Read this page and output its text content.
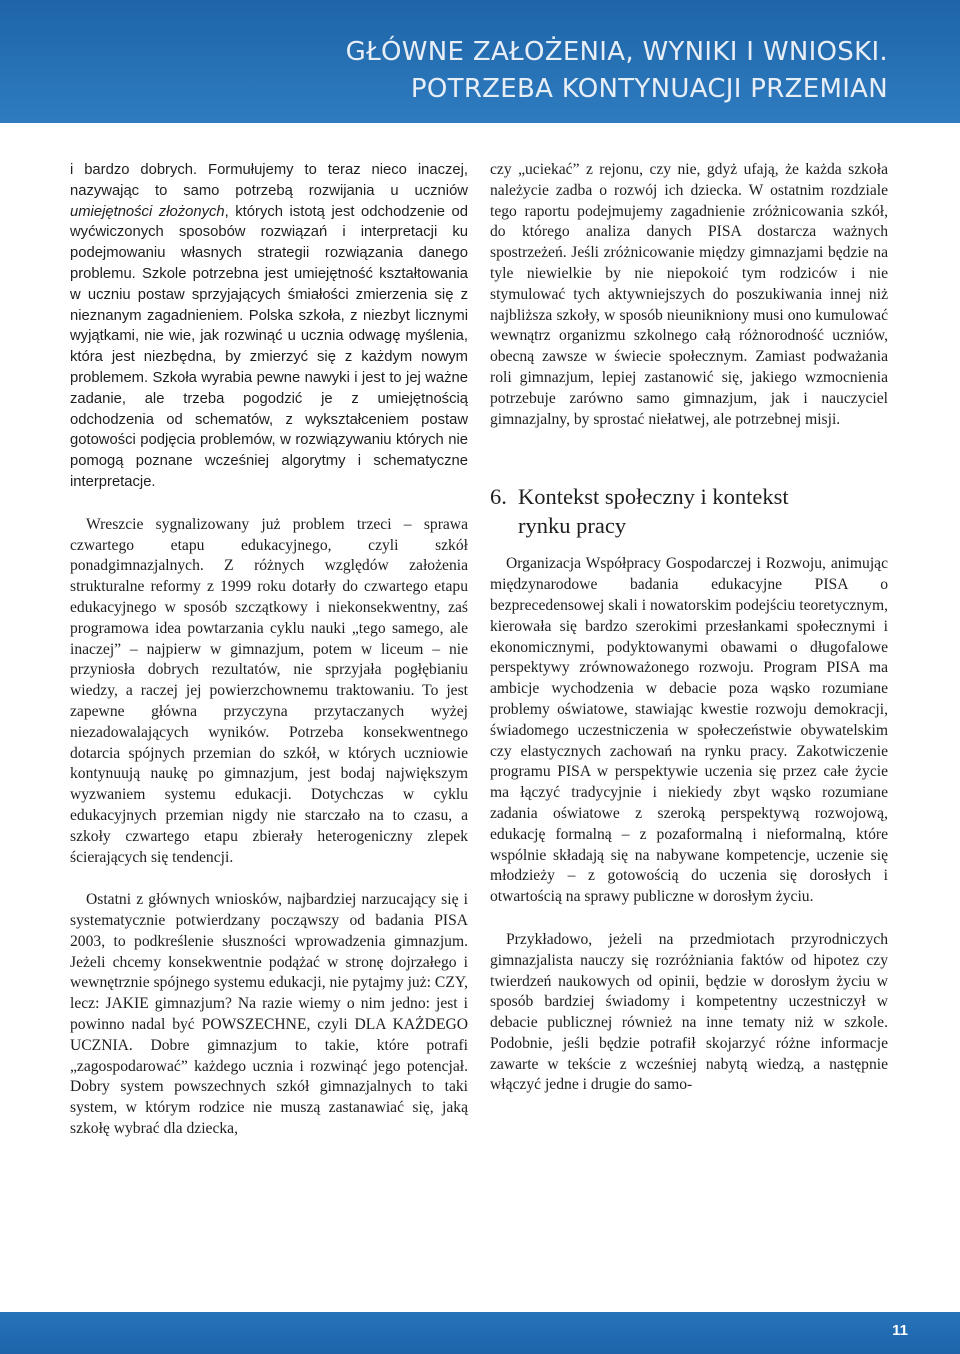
GŁÓWNE ZAŁOŻENIA, WYNIKI I WNIOSKI.
POTRZEBA KONTYNUACJI PRZEMIAN

i bardzo dobrych. Formułujemy to teraz nieco inaczej, nazywając to samo potrzebą rozwijania u uczniów umiejętności złożonych, których istotą jest odchodzenie od wyćwiczonych sposobów rozwiązań i interpretacji ku podejmowaniu własnych strategii rozwiązania danego problemu. Szkole potrzebna jest umiejętność kształtowania w uczniu postaw sprzyjających śmiałości zmierzenia się z nieznanym zagadnieniem. Polska szkoła, z niezbyt licznymi wyjątkami, nie wie, jak rozwinąć u ucznia odwagę myślenia, która jest niezbędna, by zmierzyć się z każdym nowym problemem. Szkoła wyrabia pewne nawyki i jest to jej ważne zadanie, ale trzeba pogodzić je z umiejętnością odchodzenia od schematów, z wykształceniem postaw gotowości podjęcia problemów, w rozwiązywaniu których nie pomogą poznane wcześniej algorytmy i schematyczne interpretacje.

Wreszcie sygnalizowany już problem trzeci – sprawa czwartego etapu edukacyjnego, czyli szkół ponadgimnazjalnych. Z różnych względów założenia strukturalne reformy z 1999 roku dotarły do czwartego etapu edukacyjnego w sposób szczątkowy i niekonsekwentny, zaś programowa idea powtarzania cyklu nauki „tego samego, ale inaczej” – najpierw w gimnazjum, potem w liceum – nie przyniosła dobrych rezultatów, nie sprzyjała pogłębianiu wiedzy, a raczej jej powierzchownemu traktowaniu. To jest zapewne główna przyczyna przytaczanych wyżej niezadowalających wyników. Potrzeba konsekwentnego dotarcia spójnych przemian do szkół, w których uczniowie kontynuują naukę po gimnazjum, jest bodaj największym wyzwaniem systemu edukacji. Dotychczas w cyklu edukacyjnych przemian nigdy nie starczało na to czasu, a szkoły czwartego etapu zbierały heterogeniczny zlepek ścierających się tendencji.

Ostatni z głównych wniosków, najbardziej narzucający się i systematycznie potwierdzany począwszy od badania PISA 2003, to podkreślenie słuszności wprowadzenia gimnazjum. Jeżeli chcemy konsekwentnie podążać w stronę dojrzałego i wewnętrznie spójnego systemu edukacji, nie pytajmy już: CZY, lecz: JAKIE gimnazjum? Na razie wiemy o nim jedno: jest i powinno nadal być POWSZECHNE, czyli DLA KAŻDEGO UCZNIA. Dobre gimnazjum to takie, które potrafi „zagospodarować” każdego ucznia i rozwinąć jego potencjał. Dobry system powszechnych szkół gimnazjalnych to taki system, w którym rodzice nie muszą zastanawiać się, jaką szkołę wybrać dla dziecka,

czy „uciekać” z rejonu, czy nie, gdyż ufają, że każda szkoła należycie zadba o rozwój ich dziecka. W ostatnim rozdziale tego raportu podejmujemy zagadnienie zróżnicowania szkół, do którego analiza danych PISA dostarcza ważnych spostrzeżeń. Jeśli zróżnicowanie między gimnazjami będzie na tyle niewielkie by nie niepokoić tym rodziców i nie stymulować tych aktywniejszych do poszukiwania innej niż najbliższa szkoły, w sposób nieunikniony musi ono kumulować wewnątrz organizmu szkolnego całą różnorodność uczniów, obecną zawsze w świecie społecznym. Zamiast podważania roli gimnazjum, lepiej zastanowić się, jakiego wzmocnienia potrzebuje zarówno samo gimnazjum, jak i nauczyciel gimnazjalny, by sprostać niełatwej, ale potrzebnej misji.

6. Kontekst społeczny i kontekst
rynku pracy

Organizacja Współpracy Gospodarczej i Rozwoju, animując międzynarodowe badania edukacyjne PISA o bezprecedensowej skali i nowatorskim podejściu teoretycznym, kierowała się bardzo szerokimi przesłankami społecznymi i ekonomicznymi, podyktowanymi obawami o długofalowe perspektywy zrównoważonego rozwoju. Program PISA ma ambicje wychodzenia w debacie poza wąsko rozumiane problemy oświatowe, stawiając kwestie rozwoju demokracji, świadomego uczestniczenia w społeczeństwie obywatelskim czy elastycznych zachowań na rynku pracy. Zakotwiczenie programu PISA w perspektywie uczenia się przez całe życie ma łączyć tradycyjnie i niekiedy zbyt wąsko rozumiane zadania oświatowe z szeroką perspektywą rozwojową, edukację formalną – z pozaformalną i nieformalną, które wspólnie składają się na nabywane kompetencje, uczenie się młodzieży – z gotowością do uczenia się dorosłych i otwartością na sprawy publiczne w dorosłym życiu.

Przykładowo, jeżeli na przedmiotach przyrodniczych gimnazjalista nauczy się rozróżniania faktów od hipotez czy twierdzeń naukowych od opinii, będzie w dorosłym życiu w sposób bardziej świadomy i kompetentny uczestniczył w debacie publicznej również na inne tematy niż w szkole. Podobnie, jeśli będzie potrafił skojarzyć różne informacje zawarte w tekście z wcześniej nabytą wiedzą, a następnie włączyć jedne i drugie do samo-

11
